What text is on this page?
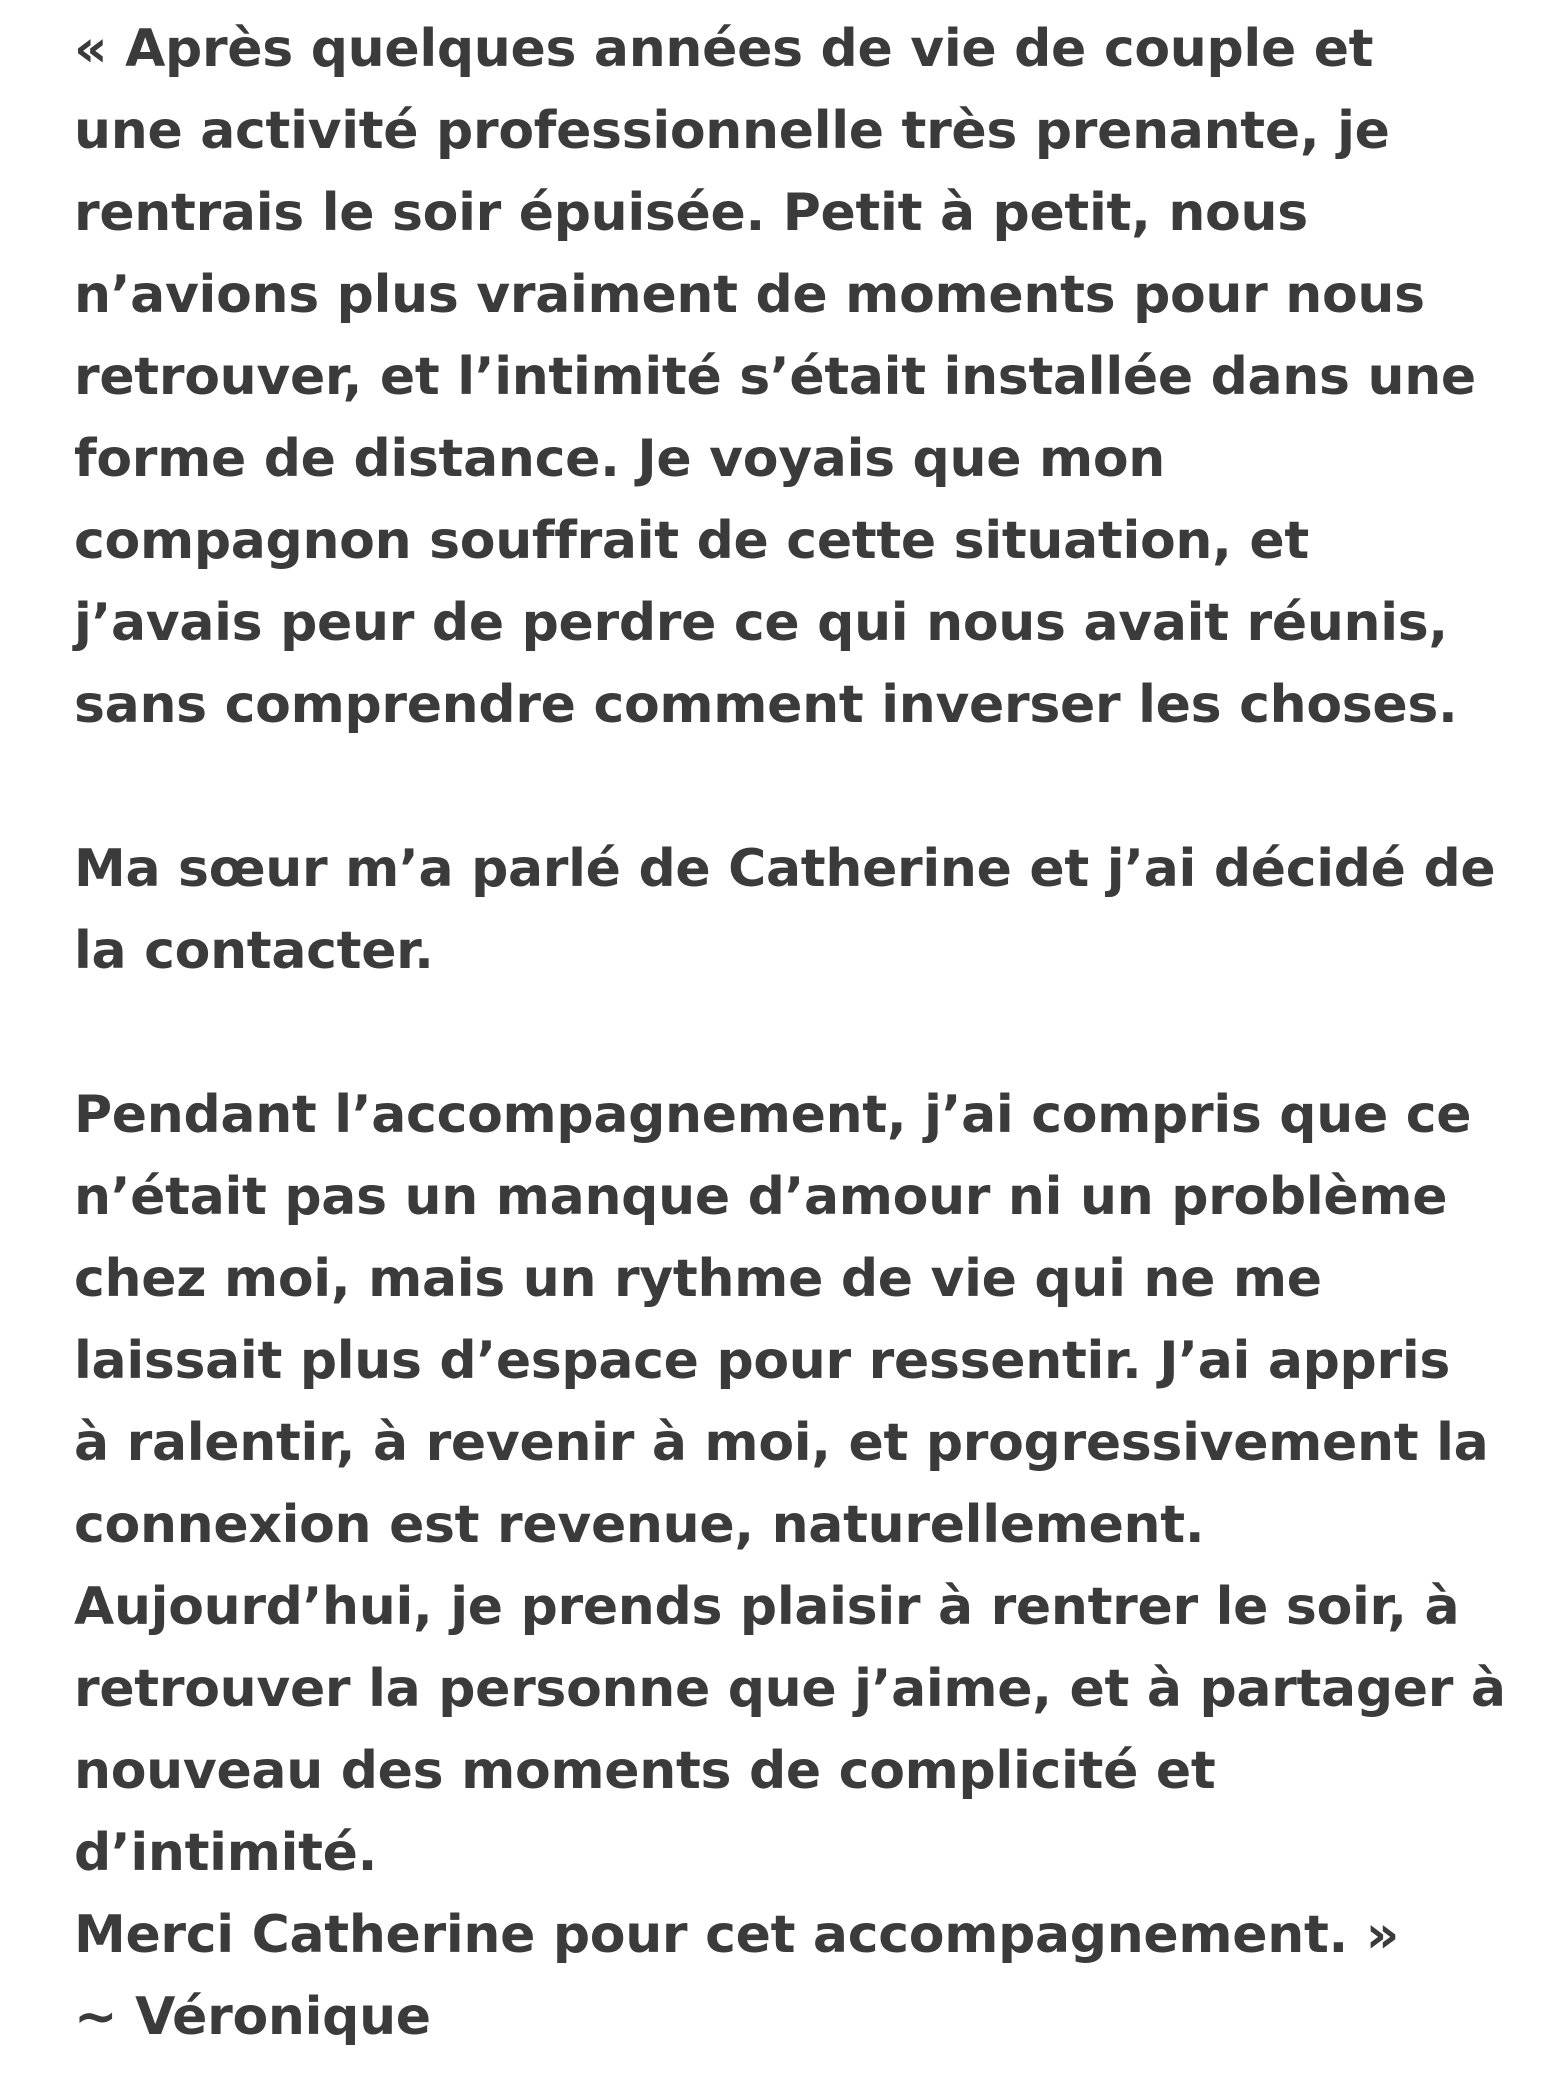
« Après quelques années de vie de couple et
une activité professionnelle très prenante, je
rentrais le soir épuisée. Petit à petit, nous
n’avions plus vraiment de moments pour nous
retrouver, et l’intimité s’était installée dans une
forme de distance. Je voyais que mon
compagnon souffrait de cette situation, et
j’avais peur de perdre ce qui nous avait réunis,
sans comprendre comment inverser les choses.
Ma sœur m’a parlé de Catherine et j’ai décidé de
la contacter.
Pendant l’accompagnement, j’ai compris que ce
n’était pas un manque d’amour ni un problème
chez moi, mais un rythme de vie qui ne me
laissait plus d’espace pour ressentir. J’ai appris
à ralentir, à revenir à moi, et progressivement la
connexion est revenue, naturellement.
Aujourd’hui, je prends plaisir à rentrer le soir, à
retrouver la personne que j’aime, et à partager à
nouveau des moments de complicité et
d’intimité.
Merci Catherine pour cet accompagnement. »
~ Véronique
